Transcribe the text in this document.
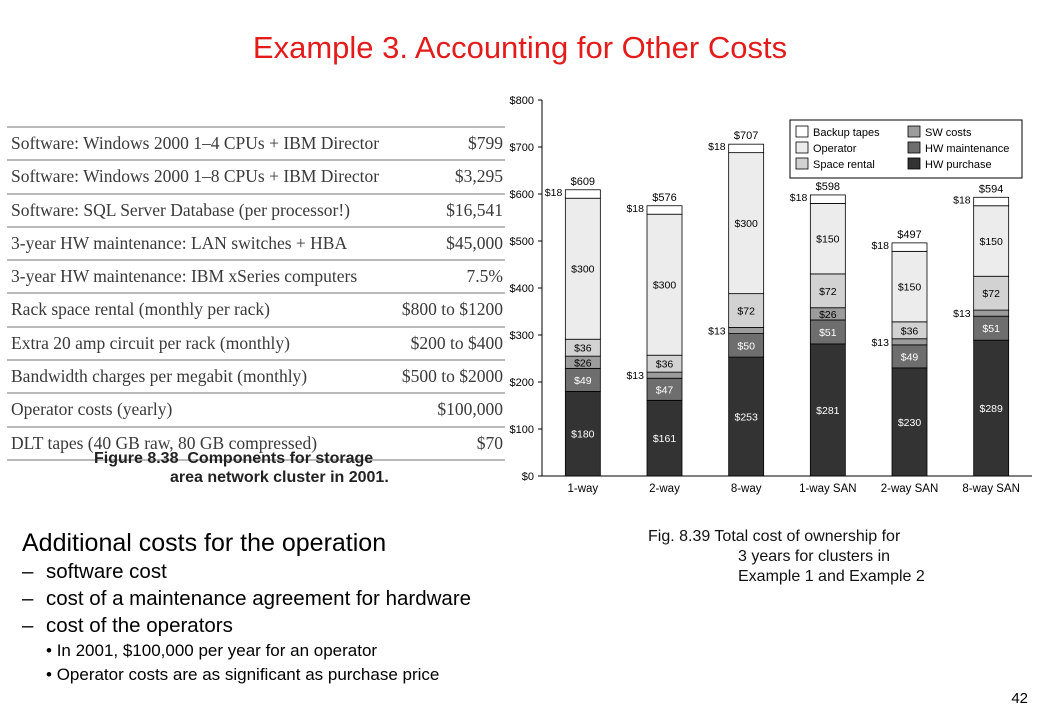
Example 3. Accounting for Other Costs
Software: Windows 2000 1–4 CPUs + IBM Director	$799
Software: Windows 2000 1–8 CPUs + IBM Director	$3,295
Software: SQL Server Database (per processor!)	$16,541
3-year HW maintenance: LAN switches + HBA	$45,000
3-year HW maintenance: IBM xSeries computers	7.5%
Rack space rental (monthly per rack)	$800 to $1200
Extra 20 amp circuit per rack (monthly)	$200 to $400
Bandwidth charges per megabit (monthly)	$500 to $2000
Operator costs (yearly)	$100,000
DLT tapes (40 GB raw, 80 GB compressed)	$70
Figure 8.38 Components for storage
area network cluster in 2001.	$0
$100
$200
$300
$400
$500
$600
$700
$800
1-way
$180
$49
$26
$36
$300
$18
$609
2-way
$161
$47
$13
$36
$300
$18
$576
8-way
$253
$50
$13
$72
$300
$18
$707
1-way SAN
$281
$51
$26
$72
$150
$18
$598
2-way SAN
$230
$49
$13
$36
$150
$18
$497
8-way SAN
$289
$51
$13
$72
$150
$18
$594
Backup tapes
Operator
Space rental
SW costs
HW maintenance
HW purchase
Fig. 8.39 Total cost of ownership for
3 years for clusters in
Example 1 and Example 2
Additional costs for the operation
– software cost
– cost of a maintenance agreement for hardware
– cost of the operators
• In 2001, $100,000 per year for an operator
• Operator costs are as significant as purchase price
42
